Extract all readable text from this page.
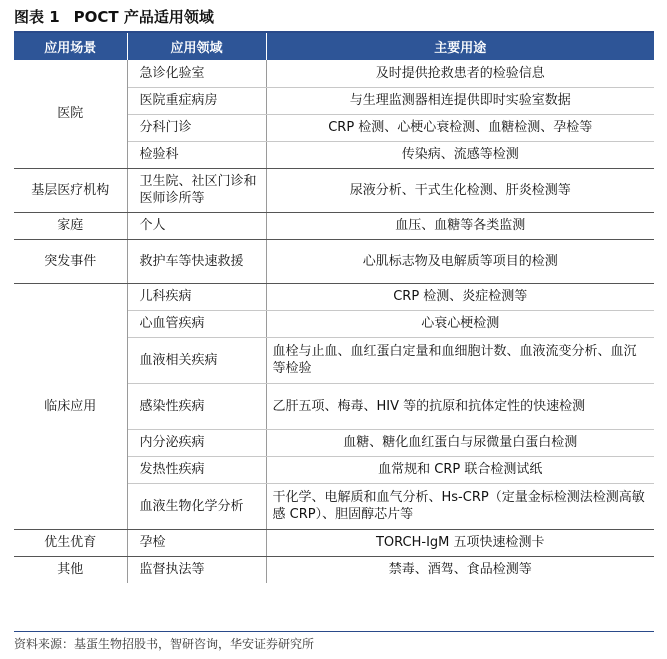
图表 1 POCT 产品适用领域
应用场景	应用领域	主要用途
医院	急诊化验室	及时提供抢救患者的检验信息
	医院重症病房	与生理监测器相连提供即时实验室数据
	分科门诊	CRP 检测、心梗心衰检测、血糖检测、孕检等
	检验科	传染病、流感等检测
基层医疗机构	卫生院、社区门诊和医师诊所等	尿液分析、干式生化检测、肝炎检测等
家庭	个人	血压、血糖等各类监测
突发事件	救护车等快速救援	心肌标志物及电解质等项目的检测
临床应用	儿科疾病	CRP 检测、炎症检测等
	心血管疾病	心衰心梗检测
	血液相关疾病	血栓与止血、血红蛋白定量和血细胞计数、血液流变分析、血沉等检验
	感染性疾病	乙肝五项、梅毒、HIV 等的抗原和抗体定性的快速检测
	内分泌疾病	血糖、糖化血红蛋白与尿微量白蛋白检测
	发热性疾病	血常规和 CRP 联合检测试纸
	血液生物化学分析	干化学、电解质和血气分析、Hs-CRP（定量金标检测法检测高敏感 CRP）、胆固醇芯片等
优生优育	孕检	TORCH-IgM 五项快速检测卡
其他	监督执法等	禁毒、酒驾、食品检测等
资料来源：基蛋生物招股书，智研咨询，华安证券研究所
